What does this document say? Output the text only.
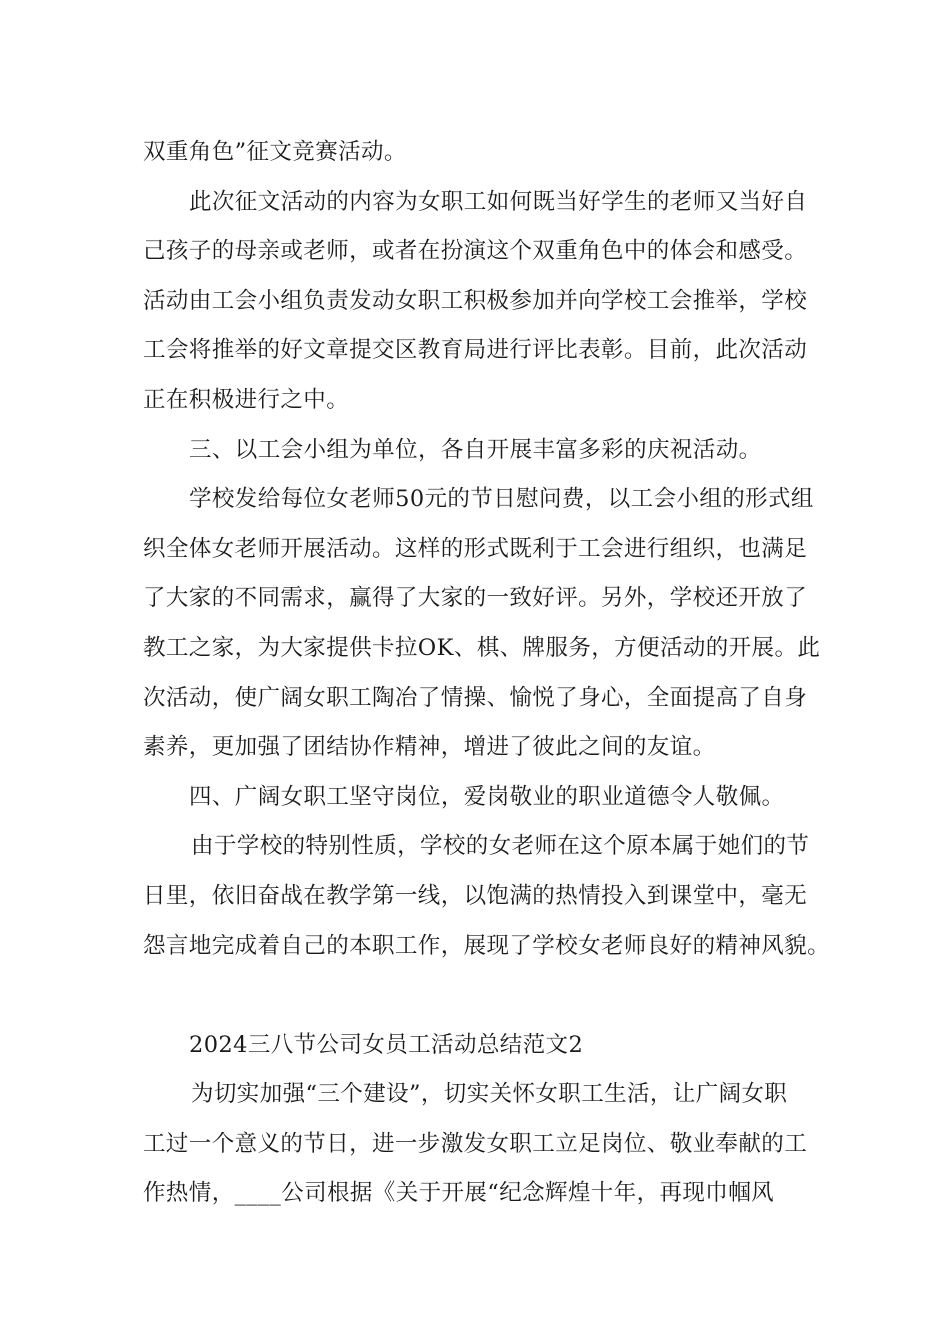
双重角色”征文竞赛活动。
此次征文活动的内容为女职工如何既当好学生的老师又当好自
己孩子的母亲或老师，或者在扮演这个双重角色中的体会和感受。
活动由工会小组负责发动女职工积极参加并向学校工会推举，学校
工会将推举的好文章提交区教育局进行评比表彰。目前，此次活动
正在积极进行之中。
三、以工会小组为单位，各自开展丰富多彩的庆祝活动。
学校发给每位女老师50元的节日慰问费，以工会小组的形式组
织全体女老师开展活动。这样的形式既利于工会进行组织，也满足
了大家的不同需求，赢得了大家的一致好评。另外，学校还开放了
教工之家，为大家提供卡拉OK、棋、牌服务，方便活动的开展。此
次活动，使广阔女职工陶冶了情操、愉悦了身心，全面提高了自身
素养，更加强了团结协作精神，增进了彼此之间的友谊。
四、广阔女职工坚守岗位，爱岗敬业的职业道德令人敬佩。
由于学校的特别性质，学校的女老师在这个原本属于她们的节
日里，依旧奋战在教学第一线，以饱满的热情投入到课堂中，毫无
怨言地完成着自己的本职工作，展现了学校女老师良好的精神风貌。
2024三八节公司女员工活动总结范文2
为切实加强“三个建设”，切实关怀女职工生活，让广阔女职
工过一个意义的节日，进一步激发女职工立足岗位、敬业奉献的工
作热情，____公司根据《关于开展“纪念辉煌十年，再现巾帼风
